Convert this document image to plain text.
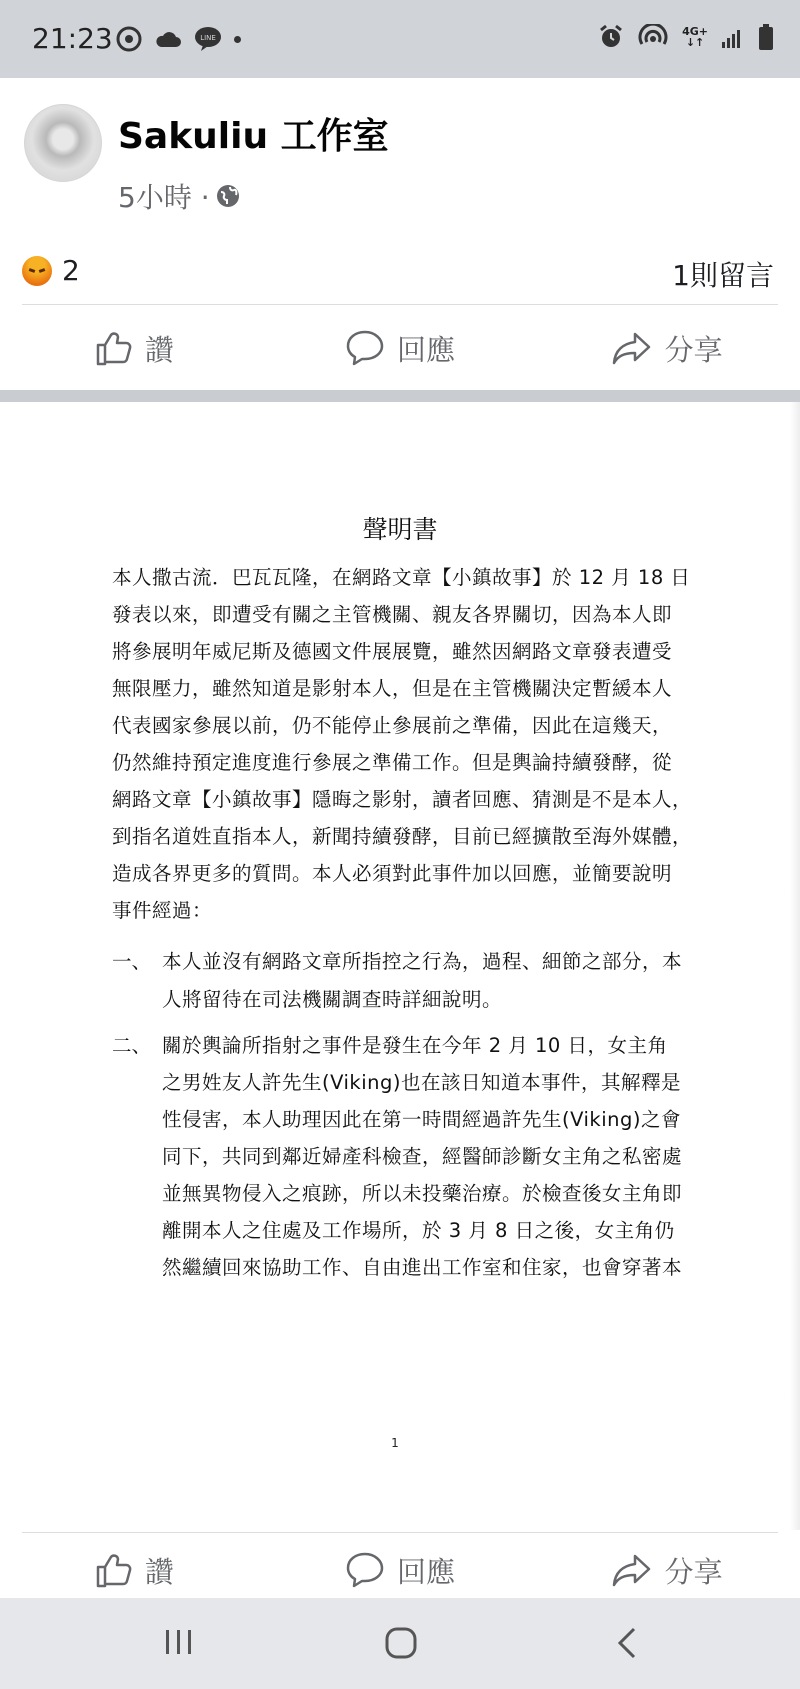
21:23	LINE	4G+
↓↑
Sakuliu 工作室
5小時 ·
2	1則留言
讚	回應	分享
聲明書
本人撒古流．巴瓦瓦隆，在網路文章【小鎮故事】於 12 月 18 日
發表以來，即遭受有關之主管機關、親友各界關切，因為本人即
將參展明年威尼斯及德國文件展展覽，雖然因網路文章發表遭受
無限壓力，雖然知道是影射本人，但是在主管機關決定暫緩本人
代表國家參展以前，仍不能停止參展前之準備，因此在這幾天，
仍然維持預定進度進行參展之準備工作。但是輿論持續發酵，從
網路文章【小鎮故事】隱晦之影射，讀者回應、猜測是不是本人，
到指名道姓直指本人，新聞持續發酵，目前已經擴散至海外媒體，
造成各界更多的質問。本人必須對此事件加以回應，並簡要說明
事件經過：
一、 本人並沒有網路文章所指控之行為，過程、細節之部分，本
人將留待在司法機關調查時詳細說明。
二、 關於輿論所指射之事件是發生在今年 2 月 10 日，女主角
之男姓友人許先生(Viking)也在該日知道本事件，其解釋是
性侵害，本人助理因此在第一時間經過許先生(Viking)之會
同下，共同到鄰近婦產科檢查，經醫師診斷女主角之私密處
並無異物侵入之痕跡，所以未投藥治療。於檢查後女主角即
離開本人之住處及工作場所，於 3 月 8 日之後，女主角仍
然繼續回來協助工作、自由進出工作室和住家，也會穿著本
1
讚	回應	分享
